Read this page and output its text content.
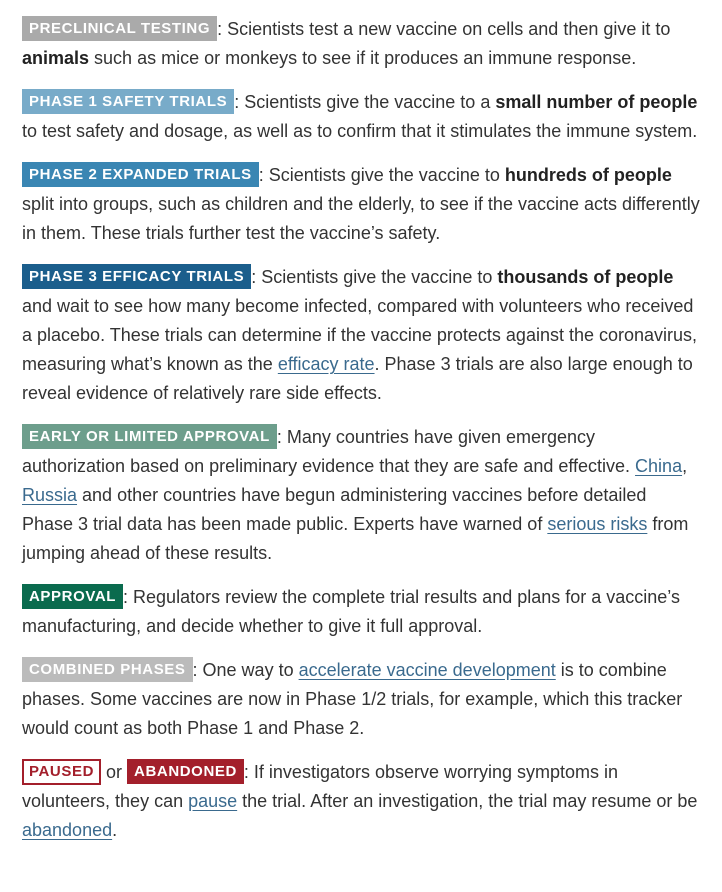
PRECLINICAL TESTING : Scientists test a new vaccine on cells and then give it to animals such as mice or monkeys to see if it produces an immune response.

PHASE 1 SAFETY TRIALS : Scientists give the vaccine to a small number of people to test safety and dosage, as well as to confirm that it stimulates the immune system.

PHASE 2 EXPANDED TRIALS : Scientists give the vaccine to hundreds of people split into groups, such as children and the elderly, to see if the vaccine acts differently in them. These trials further test the vaccine’s safety.

PHASE 3 EFFICACY TRIALS : Scientists give the vaccine to thousands of people and wait to see how many become infected, compared with volunteers who received a placebo. These trials can determine if the vaccine protects against the coronavirus, measuring what’s known as the efficacy rate. Phase 3 trials are also large enough to reveal evidence of relatively rare side effects.

EARLY OR LIMITED APPROVAL : Many countries have given emergency authorization based on preliminary evidence that they are safe and effective. China, Russia and other countries have begun administering vaccines before detailed Phase 3 trial data has been made public. Experts have warned of serious risks from jumping ahead of these results.

APPROVAL : Regulators review the complete trial results and plans for a vaccine’s manufacturing, and decide whether to give it full approval.

COMBINED PHASES : One way to accelerate vaccine development is to combine phases. Some vaccines are now in Phase 1/2 trials, for example, which this tracker would count as both Phase 1 and Phase 2.

PAUSED or ABANDONED : If investigators observe worrying symptoms in volunteers, they can pause the trial. After an investigation, the trial may resume or be abandoned.
